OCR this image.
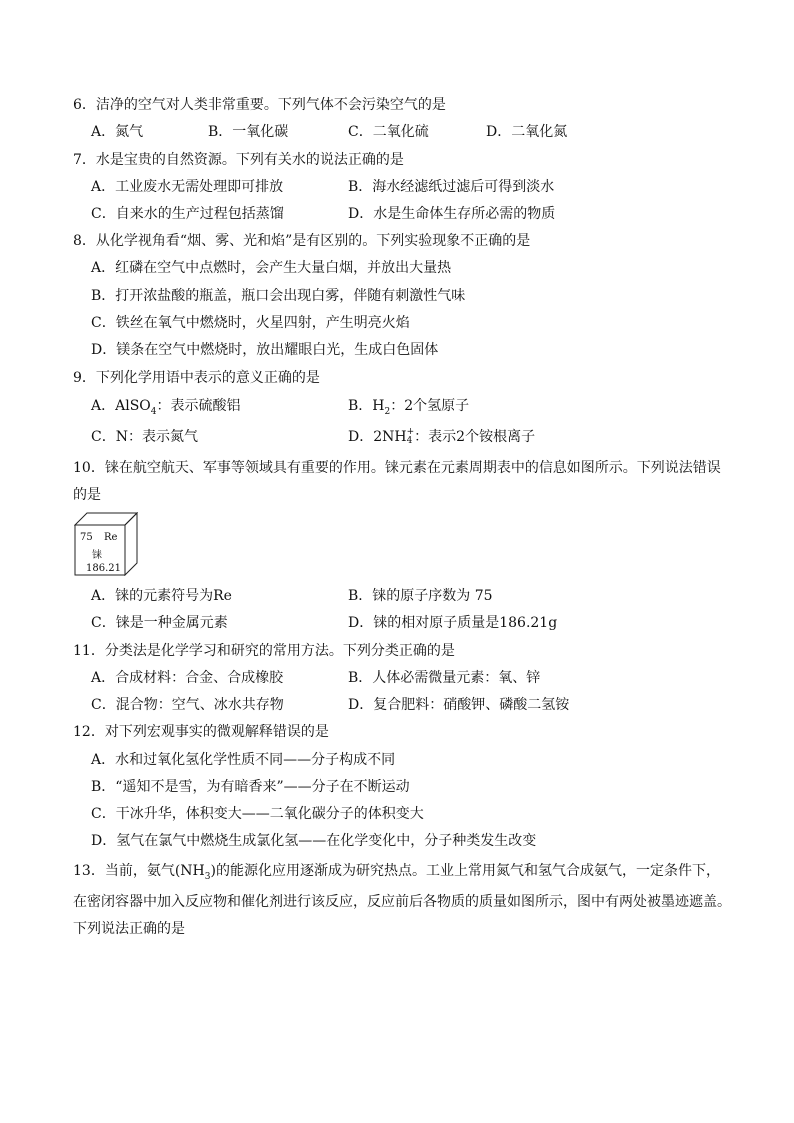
6．洁净的空气对人类非常重要。下列气体不会污染空气的是
A．氮气	B．一氧化碳	C．二氧化硫	D．二氧化氮
7．水是宝贵的自然资源。下列有关水的说法正确的是
A．工业废水无需处理即可排放	B．海水经滤纸过滤后可得到淡水
C．自来水的生产过程包括蒸馏	D．水是生命体生存所必需的物质
8．从化学视角看“烟、雾、光和焰”是有区别的。下列实验现象不正确的是
A．红磷在空气中点燃时，会产生大量白烟，并放出大量热
B．打开浓盐酸的瓶盖，瓶口会出现白雾，伴随有刺激性气味
C．铁丝在氧气中燃烧时，火星四射，产生明亮火焰
D．镁条在空气中燃烧时，放出耀眼白光，生成白色固体
9．下列化学用语中表示的意义正确的是
A．AlSO$_4$：表示硫酸铝	B．$H_2$：2个氢原子
C．N：表示氮气	D．2NH +
4 ：表示2个铵根离子
10．铼在航空航天、军事等领域具有重要的作用。铼元素在元素周期表中的信息如图所示。下列说法错误
的是
75 Re
铼
186.21
A．铼的元素符号为Re	B．铼的原子序数为 75
C．铼是一种金属元素	D．铼的相对原子质量是186.21g
11．分类法是化学学习和研究的常用方法。下列分类正确的是
A．合成材料：合金、合成橡胶	B．人体必需微量元素：氧、锌
C．混合物：空气、冰水共存物	D．复合肥料：硝酸钾、磷酸二氢铵
12．对下列宏观事实的微观解释错误的是
A．水和过氧化氢化学性质不同——分子构成不同
B．“遥知不是雪，为有暗香来”——分子在不断运动
C．干冰升华，体积变大——二氧化碳分子的体积变大
D．氢气在氯气中燃烧生成氯化氢——在化学变化中，分子种类发生改变
13．当前，氨气$(NH_3)$的能源化应用逐渐成为研究热点。工业上常用氮气和氢气合成氨气，一定条件下，
在密闭容器中加入反应物和催化剂进行该反应，反应前后各物质的质量如图所示，图中有两处被墨迹遮盖。
下列说法正确的是
